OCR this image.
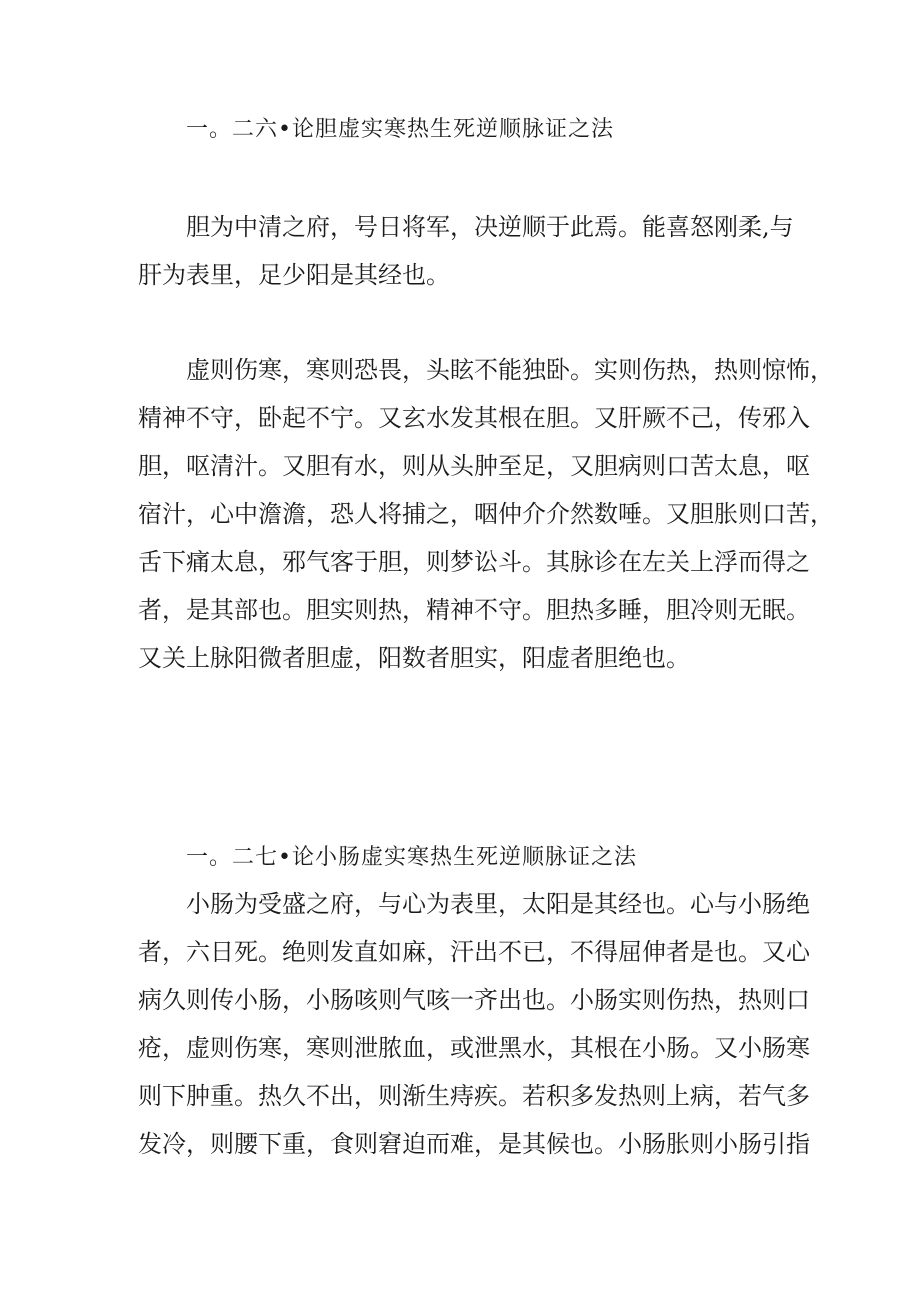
一。二六•论胆虚实寒热生死逆顺脉证之法
胆为中清之府，号日将军，决逆顺于此焉。能喜怒刚柔,与
肝为表里，足少阳是其经也。
虚则伤寒，寒则恐畏，头眩不能独卧。实则伤热，热则惊怖，
精神不守，卧起不宁。又玄水发其根在胆。又肝厥不己，传邪入
胆，呕清汁。又胆有水，则从头肿至足，又胆病则口苦太息，呕
宿汁，心中澹澹，恐人将捕之，咽仲介介然数唾。又胆胀则口苦，
舌下痛太息，邪气客于胆，则梦讼斗。其脉诊在左关上浮而得之
者，是其部也。胆实则热，精神不守。胆热多睡，胆冷则无眠。
又关上脉阳微者胆虚，阳数者胆实，阳虚者胆绝也。
一。二七•论小肠虚实寒热生死逆顺脉证之法
小肠为受盛之府，与心为表里，太阳是其经也。心与小肠绝
者，六日死。绝则发直如麻，汗出不已，不得屈伸者是也。又心
病久则传小肠，小肠咳则气咳一齐出也。小肠实则伤热，热则口
疮，虚则伤寒，寒则泄脓血，或泄黑水，其根在小肠。又小肠寒
则下肿重。热久不出，则渐生痔疾。若积多发热则上病，若气多
发冷，则腰下重，食则窘迫而难，是其候也。小肠胀则小肠引指
